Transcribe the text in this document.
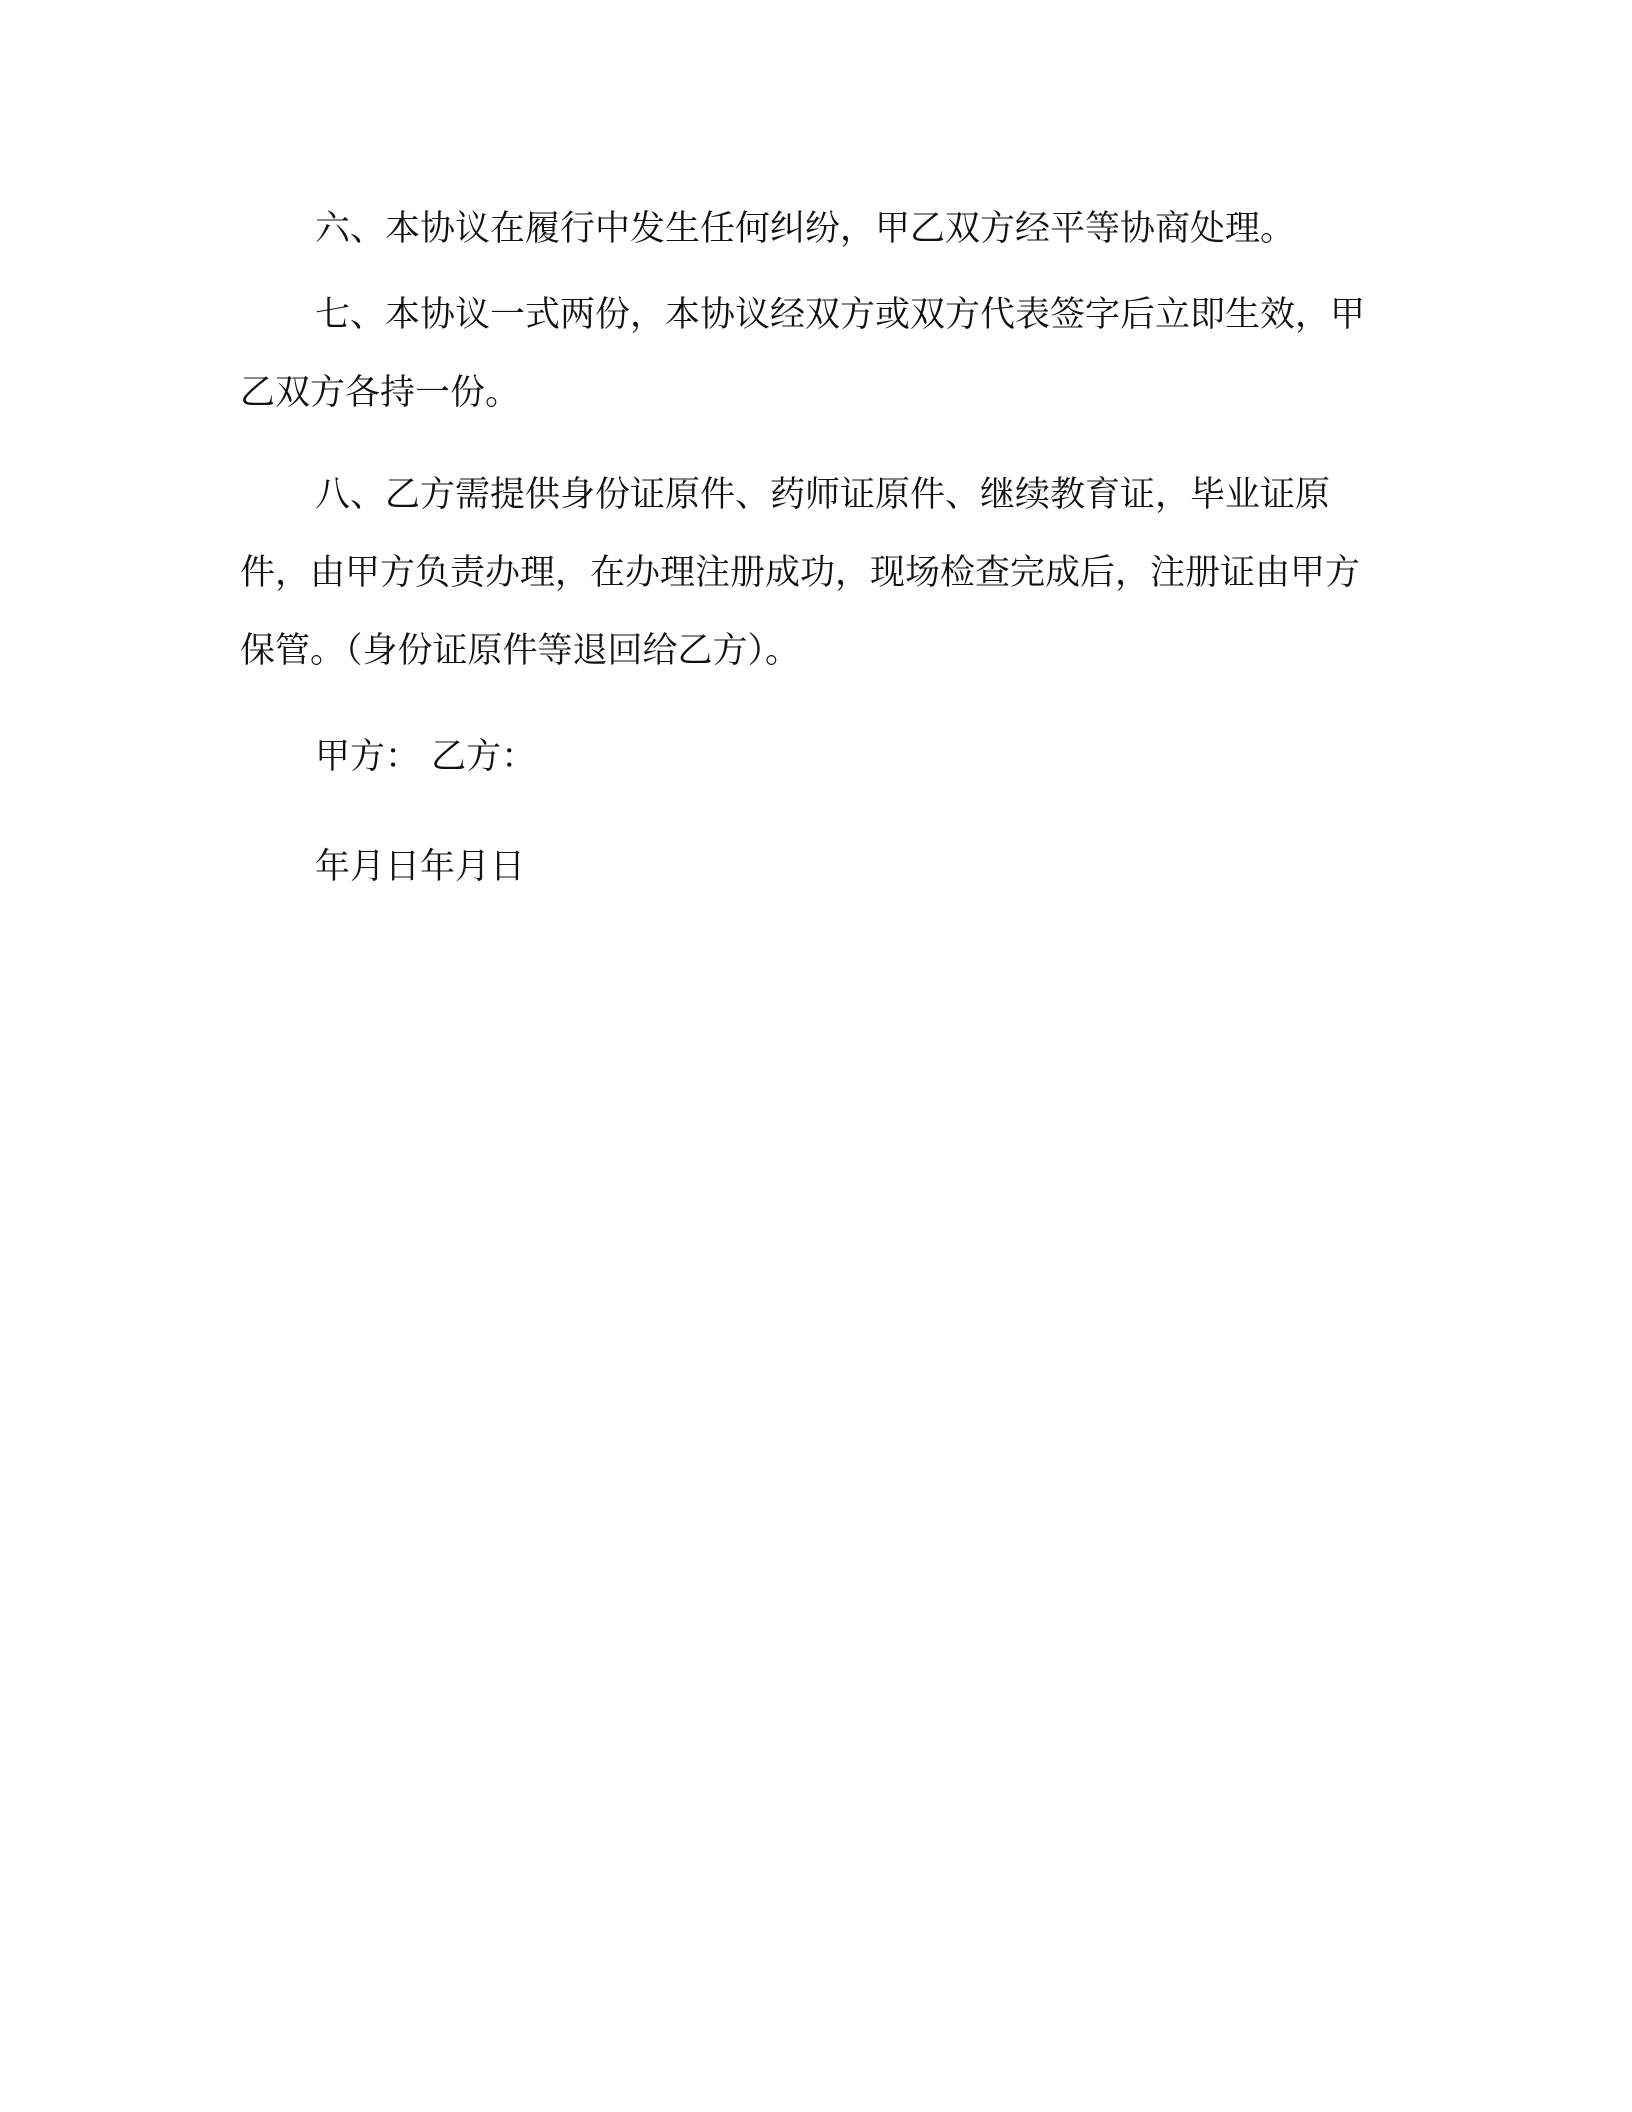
六、本协议在履行中发生任何纠纷，甲乙双方经平等协商处理。

七、本协议一式两份，本协议经双方或双方代表签字后立即生效，甲乙双方各持一份。

八、乙方需提供身份证原件、药师证原件、继续教育证，毕业证原件，由甲方负责办理，在办理注册成功，现场检查完成后，注册证由甲方保管。（身份证原件等退回给乙方）。

甲方： 乙方：

年月日年月日
